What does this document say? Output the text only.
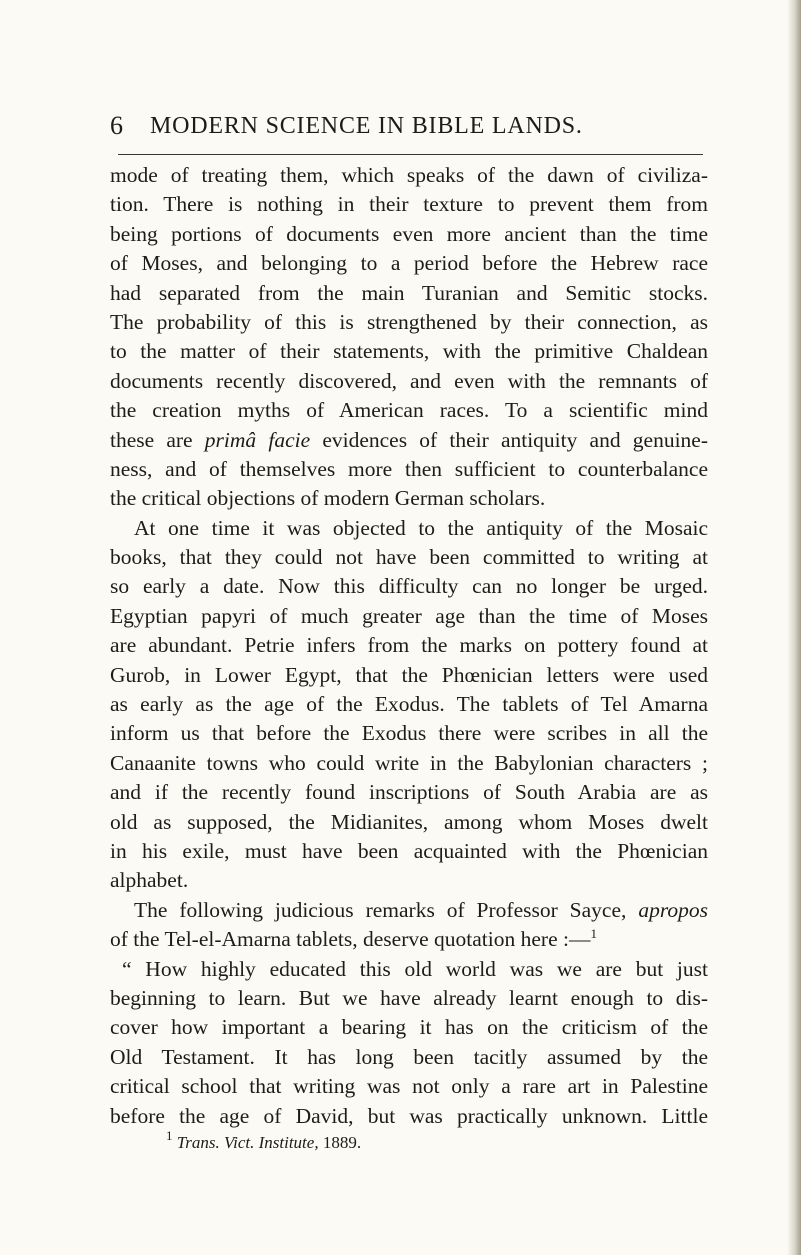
6 MODERN SCIENCE IN BIBLE LANDS.
mode of treating them, which speaks of the dawn of civiliza-
tion. There is nothing in their texture to prevent them from
being portions of documents even more ancient than the time
of Moses, and belonging to a period before the Hebrew race
had separated from the main Turanian and Semitic stocks.
The probability of this is strengthened by their connection, as
to the matter of their statements, with the primitive Chaldean
documents recently discovered, and even with the remnants of
the creation myths of American races. To a scientific mind
these are primâ facie evidences of their antiquity and genuine-
ness, and of themselves more then sufficient to counterbalance
the critical objections of modern German scholars.
At one time it was objected to the antiquity of the Mosaic
books, that they could not have been committed to writing at
so early a date. Now this difficulty can no longer be urged.
Egyptian papyri of much greater age than the time of Moses
are abundant. Petrie infers from the marks on pottery found at
Gurob, in Lower Egypt, that the Phœnician letters were used
as early as the age of the Exodus. The tablets of Tel Amarna
inform us that before the Exodus there were scribes in all the
Canaanite towns who could write in the Babylonian characters ;
and if the recently found inscriptions of South Arabia are as
old as supposed, the Midianites, among whom Moses dwelt
in his exile, must have been acquainted with the Phœnician
alphabet.
The following judicious remarks of Professor Sayce, apropos
of the Tel-el-Amarna tablets, deserve quotation here :—$^1$
“ How highly educated this old world was we are but just
beginning to learn. But we have already learnt enough to dis-
cover how important a bearing it has on the criticism of the
Old Testament. It has long been tacitly assumed by the
critical school that writing was not only a rare art in Palestine
before the age of David, but was practically unknown. Little
$^1$ Trans. Vict. Institute, 1889.
